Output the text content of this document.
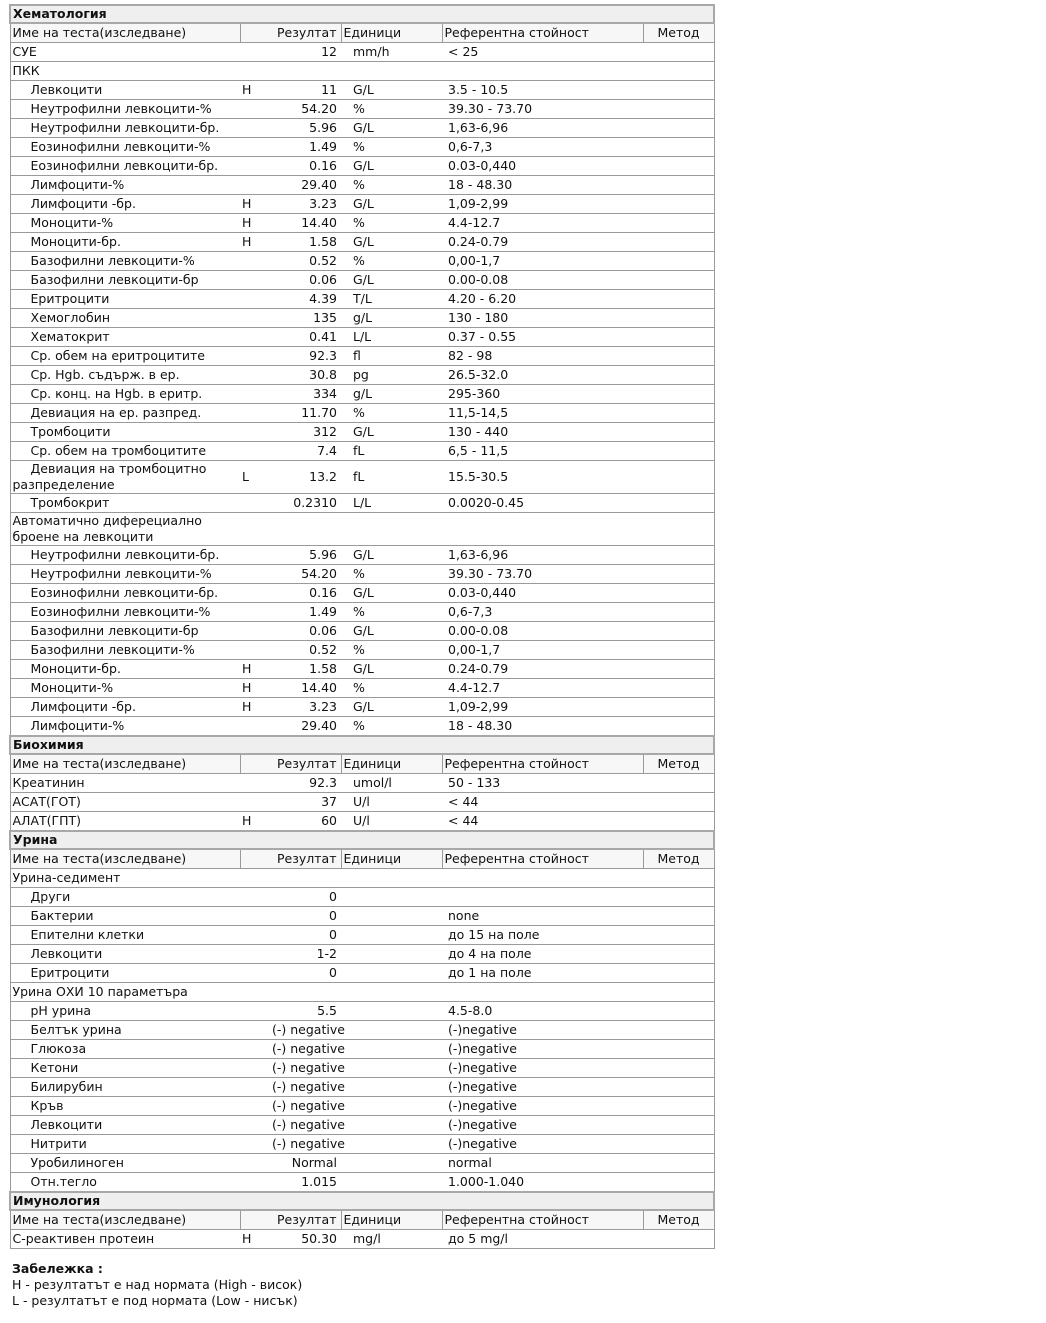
Хематология					
Име на теста(изследване)	Резултат		Единици	Референтна стойност	Метод
СУЕ		12	mm/h	< 25	
ПКК					
Левкоцити	H	11	G/L	3.5 - 10.5	
Неутрофилни левкоцити-%		54.20	%	39.30 - 73.70	
Неутрофилни левкоцити-бр.		5.96	G/L	1,63-6,96	
Еозинофилни левкоцити-%		1.49	%	0,6-7,3	
Еозинофилни левкоцити-бр.		0.16	G/L	0.03-0,440	
Лимфоцити-%		29.40	%	18 - 48.30	
Лимфоцити -бр.	H	3.23	G/L	1,09-2,99	
Моноцити-%	H	14.40	%	4.4-12.7	
Моноцити-бр.	H	1.58	G/L	0.24-0.79	
Базофилни левкоцити-%		0.52	%	0,00-1,7	
Базофилни левкоцити-бр		0.06	G/L	0.00-0.08	
Еритроцити		4.39	T/L	4.20 - 6.20	
Хемоглобин		135	g/L	130 - 180	
Хематокрит		0.41	L/L	0.37 - 0.55	
Ср. обем на еритроцитите		92.3	fl	82 - 98	
Ср. Hgb. съдърж. в ер.		30.8	pg	26.5-32.0	
Ср. конц. на Hgb. в еритр.		334	g/L	295-360	
Девиация на ер. разпред.		11.70	%	11,5-14,5	
Тромбоцити		312	G/L	130 - 440	
Ср. обем на тромбоцитите		7.4	fL	6,5 - 11,5	
Девиация на тромбоцитно разпределение	L	13.2	fL	15.5-30.5	
Тромбокрит		0.2310	L/L	0.0020-0.45	
Автоматично диферециално броене на левкоцити					
Неутрофилни левкоцити-бр.		5.96	G/L	1,63-6,96	
Неутрофилни левкоцити-%		54.20	%	39.30 - 73.70	
Еозинофилни левкоцити-бр.		0.16	G/L	0.03-0,440	
Еозинофилни левкоцити-%		1.49	%	0,6-7,3	
Базофилни левкоцити-бр		0.06	G/L	0.00-0.08	
Базофилни левкоцити-%		0.52	%	0,00-1,7	
Моноцити-бр.	H	1.58	G/L	0.24-0.79	
Моноцити-%	H	14.40	%	4.4-12.7	
Лимфоцити -бр.	H	3.23	G/L	1,09-2,99	
Лимфоцити-%		29.40	%	18 - 48.30	
Биохимия					
Име на теста(изследване)	Резултат		Единици	Референтна стойност	Метод
Креатинин		92.3	umol/l	50 - 133	
АСАТ(ГОТ)		37	U/l	< 44	
АЛАТ(ГПТ)	H	60	U/l	< 44	
Урина					
Име на теста(изследване)	Резултат		Единици	Референтна стойност	Метод
Урина-седимент					
Други		0			
Бактерии		0		none	
Епителни клетки		0		до 15 на поле	
Левкоцити		1-2		до 4 на поле	
Еритроцити		0		до 1 на поле	
Урина ОХИ 10 параметъра					
pH урина		5.5		4.5-8.0	
Белтък урина		(-) negative		(-)negative	
Глюкоза		(-) negative		(-)negative	
Кетони		(-) negative		(-)negative	
Билирубин		(-) negative		(-)negative	
Кръв		(-) negative		(-)negative	
Левкоцити		(-) negative		(-)negative	
Нитрити		(-) negative		(-)negative	
Уробилиноген		Normal		normal	
Отн.тегло		1.015		1.000-1.040	
Имунология					
Име на теста(изследване)	Резултат		Единици	Референтна стойност	Метод
С-реактивен протеин	H	50.30	mg/l	до 5 mg/l	
Забележка :
H - резултатът е над нормата (High - висок)
L - резултатът е под нормата (Low - нисък)
